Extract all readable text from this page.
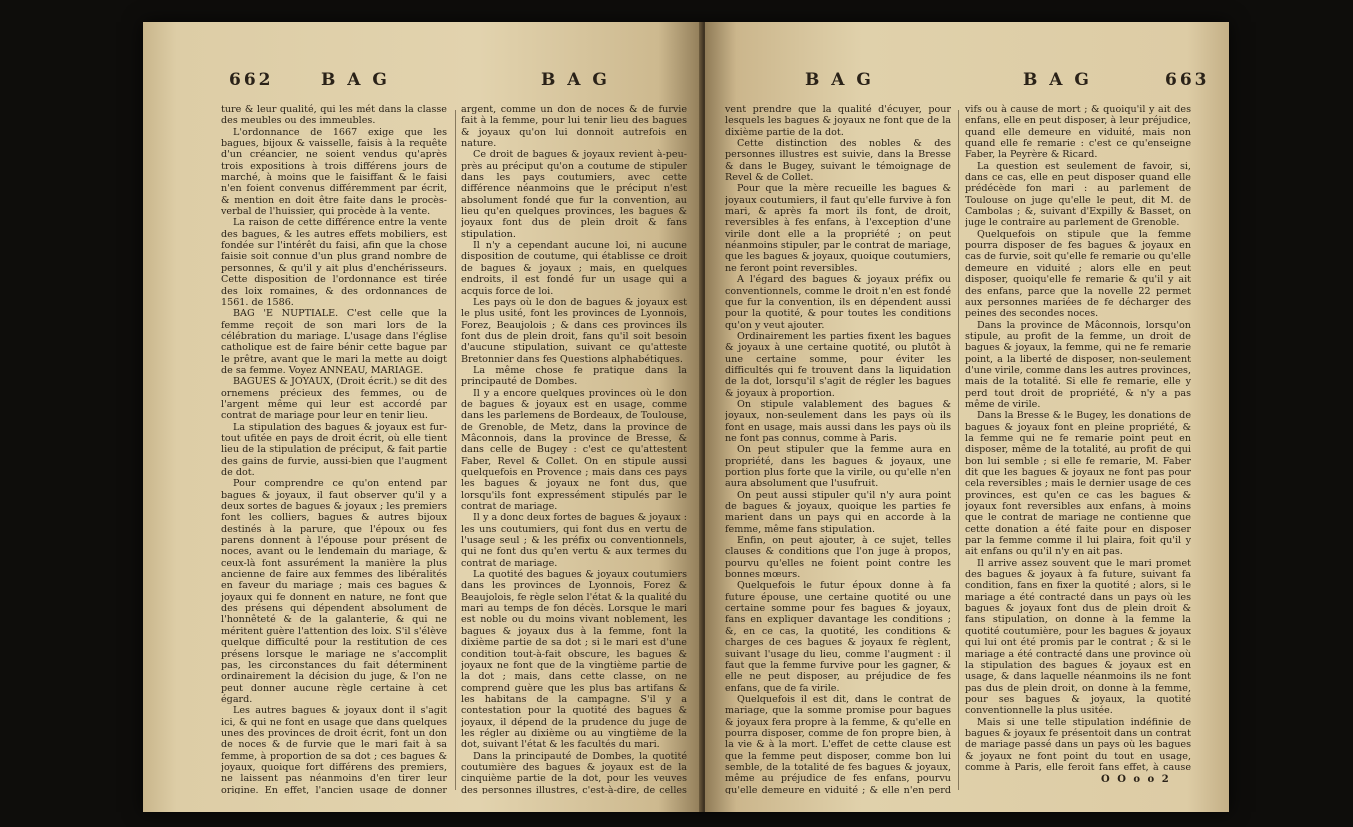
662	B A G	B A G

ture & leur qualité, qui les mét dans la classe des meubles ou des immeubles.

L'ordonnance de 1667 exige que les bagues, bijoux & vaisselle, faisis à la requête d'un créancier, ne soient vendus qu'après trois expositions à trois différens jours de marché, à moins que le faisiffant & le faisi n'en foient convenus différemment par écrit, & mention en doit être faite dans le procès-verbal de l'huissier, qui procède à la vente.

La raison de cette différence entre la vente des bagues, & les autres effets mobiliers, est fondée sur l'intérêt du faisi, afin que la chose faisie soit connue d'un plus grand nombre de personnes, & qu'il y ait plus d'enchérisseurs. Cette disposition de l'ordonnance est tirée des loix romaines, & des ordonnances de 1561. de 1586.

BAG 'E NUPTIALE. C'est celle que la femme reçoit de son mari lors de la célébration du mariage. L'usage dans l'église catholique est de faire bénir cette bague par le prêtre, avant que le mari la mette au doigt de sa femme. Voyez ANNEAU, MARIAGE.

BAGUES & JOYAUX, (Droit écrit.) se dit des ornemens précieux des femmes, ou de l'argent même qui leur est accordé par contrat de mariage pour leur en tenir lieu.

La stipulation des bagues & joyaux est fur-tout ufitée en pays de droit écrit, où elle tient lieu de la stipulation de préciput, & fait partie des gains de furvie, aussi-bien que l'augment de dot.

Pour comprendre ce qu'on entend par bagues & joyaux, il faut observer qu'il y a deux sortes de bagues & joyaux ; les premiers font les colliers, bagues & autres bijoux destinés à la parure, que l'époux ou fes parens donnent à l'épouse pour présent de noces, avant ou le lendemain du mariage, & ceux-là font assurément la manière la plus ancienne de faire aux femmes des libéralités en faveur du mariage ; mais ces bagues & joyaux qui fe donnent en nature, ne font que des présens qui dépendent absolument de l'honnêteté & de la galanterie, & qui ne méritent guère l'attention des loix. S'il s'élève quelque difficulté pour la restitution de ces présens lorsque le mariage ne s'accomplit pas, les circonstances du fait déterminent ordinairement la décision du juge, & l'on ne peut donner aucune règle certaine à cet égard.

Les autres bagues & joyaux dont il s'agit ici, & qui ne font en usage que dans quelques unes des provinces de droit écrit, font un don de noces & de furvie que le mari fait à sa femme, à proportion de sa dot ; ces bagues & joyaux, quoique fort différens des premiers, ne laissent pas néanmoins d'en tirer leur origine. En effet, l'ancien usage de donner

argent, comme un don de noces & de furvie fait à la femme, pour lui tenir lieu des bagues & joyaux qu'on lui donnoit autrefois en nature.

Ce droit de bagues & joyaux revient à-peu-près au préciput qu'on a coutume de stipuler dans les pays coutumiers, avec cette différence néanmoins que le préciput n'est absolument fondé que fur la convention, au lieu qu'en quelques provinces, les bagues & joyaux font dus de plein droit & fans stipulation.

Il n'y a cependant aucune loi, ni aucune disposition de coutume, qui établisse ce droit de bagues & joyaux ; mais, en quelques endroits, il est fondé fur un usage qui a acquis force de loi.

Les pays où le don de bagues & joyaux est le plus usité, font les provinces de Lyonnois, Forez, Beaujolois ; & dans ces provinces ils font dus de plein droit, fans qu'il soit besoin d'aucune stipulation, suivant ce qu'atteste Bretonnier dans fes Questions alphabétiques.

La même chose fe pratique dans la principauté de Dombes.

Il y a encore quelques provinces où le don de bagues & joyaux est en usage, comme dans les parlemens de Bordeaux, de Toulouse, de Grenoble, de Metz, dans la province de Mâconnois, dans la province de Bresse, & dans celle de Bugey : c'est ce qu'attestent Faber, Revel & Collet. On en stipule aussi quelquefois en Provence ; mais dans ces pays les bagues & joyaux ne font dus, que lorsqu'ils font expressément stipulés par le contrat de mariage.

Il y a donc deux fortes de bagues & joyaux : les uns coutumiers, qui font dus en vertu de l'usage seul ; & les préfix ou conventionnels, qui ne font dus qu'en vertu & aux termes du contrat de mariage.

La quotité des bagues & joyaux coutumiers dans les provinces de Lyonnois, Forez & Beaujolois, fe règle selon l'état & la qualité du mari au temps de fon décès. Lorsque le mari est noble ou du moins vivant noblement, les bagues & joyaux dus à la femme, font la dixième partie de sa dot ; si le mari est d'une condition tout-à-fait obscure, les bagues & joyaux ne font que de la vingtième partie de la dot ; mais, dans cette classe, on ne comprend guère que les plus bas artifans & les habitans de la campagne. S'il y a contestation pour la quotité des bagues & joyaux, il dépend de la prudence du juge de les régler au dixième ou au vingtième de la dot, suivant l'état & les facultés du mari.

Dans la principauté de Dombes, la quotité coutumière des bagues & joyaux est de la cinquième partie de la dot, pour les veuves des personnes illustres, c'est-à-dire, de celles

B A G	B A G	663

vent prendre que la qualité d'écuyer, pour lesquels les bagues & joyaux ne font que de la dixième partie de la dot.

Cette distinction des nobles & des personnes illustres est suivie, dans la Bresse & dans le Bugey, suivant le témoignage de Revel & de Collet.

Pour que la mère recueille les bagues & joyaux coutumiers, il faut qu'elle furvive à fon mari, & après fa mort ils font, de droit, reversibles à fes enfans, à l'exception d'une virile dont elle a la propriété ; on peut néanmoins stipuler, par le contrat de mariage, que les bagues & joyaux, quoique coutumiers, ne feront point reversibles.

A l'égard des bagues & joyaux préfix ou conventionnels, comme le droit n'en est fondé que fur la convention, ils en dépendent aussi pour la quotité, & pour toutes les conditions qu'on y veut ajouter.

Ordinairement les parties fixent les bagues & joyaux à une certaine quotité, ou plutôt à une certaine somme, pour éviter les difficultés qui fe trouvent dans la liquidation de la dot, lorsqu'il s'agit de régler les bagues & joyaux à proportion.

On stipule valablement des bagues & joyaux, non-seulement dans les pays où ils font en usage, mais aussi dans les pays où ils ne font pas connus, comme à Paris.

On peut stipuler que la femme aura en propriété, dans les bagues & joyaux, une portion plus forte que la virile, ou qu'elle n'en aura absolument que l'usufruit.

On peut aussi stipuler qu'il n'y aura point de bagues & joyaux, quoique les parties fe marient dans un pays qui en accorde à la femme, même fans stipulation.

Enfin, on peut ajouter, à ce sujet, telles clauses & conditions que l'on juge à propos, pourvu qu'elles ne foient point contre les bonnes mœurs.

Quelquefois le futur époux donne à fa future épouse, une certaine quotité ou une certaine somme pour fes bagues & joyaux, fans en expliquer davantage les conditions ; &, en ce cas, la quotité, les conditions & charges de ces bagues & joyaux fe règlent, suivant l'usage du lieu, comme l'augment : il faut que la femme furvive pour les gagner, & elle ne peut disposer, au préjudice de fes enfans, que de fa virile.

Quelquefois il est dit, dans le contrat de mariage, que la somme promise pour bagues & joyaux fera propre à la femme, & qu'elle en pourra disposer, comme de fon propre bien, à la vie & à la mort. L'effet de cette clause est que la femme peut disposer, comme bon lui semble, de la totalité de fes bagues & joyaux, même au préjudice de fes enfans, pourvu qu'elle demeure en viduité ; & elle n'en perd

vifs ou à cause de mort ; & quoiqu'il y ait des enfans, elle en peut disposer, à leur préjudice, quand elle demeure en viduité, mais non quand elle fe remarie : c'est ce qu'enseigne Faber, la Peyrère & Ricard.

La question est seulement de favoir, si, dans ce cas, elle en peut disposer quand elle prédécède fon mari : au parlement de Toulouse on juge qu'elle le peut, dit M. de Cambolas ; &, suivant d'Expilly & Basset, on juge le contraire au parlement de Grenoble.

Quelquefois on stipule que la femme pourra disposer de fes bagues & joyaux en cas de furvie, soit qu'elle fe remarie ou qu'elle demeure en viduité ; alors elle en peut disposer, quoiqu'elle fe remarie & qu'il y ait des enfans, parce que la novelle 22 permet aux personnes mariées de fe décharger des peines des secondes noces.

Dans la province de Mâconnois, lorsqu'on stipule, au profit de la femme, un droit de bagues & joyaux, la femme, qui ne fe remarie point, a la liberté de disposer, non-seulement d'une virile, comme dans les autres provinces, mais de la totalité. Si elle fe remarie, elle y perd tout droit de propriété, & n'y a pas même de virile.

Dans la Bresse & le Bugey, les donations de bagues & joyaux font en pleine propriété, & la femme qui ne fe remarie point peut en disposer, même de la totalité, au profit de qui bon lui semble ; si elle fe remarie, M. Faber dit que les bagues & joyaux ne font pas pour cela reversibles ; mais le dernier usage de ces provinces, est qu'en ce cas les bagues & joyaux font reversibles aux enfans, à moins que le contrat de mariage ne contienne que cette donation a été faite pour en disposer par la femme comme il lui plaira, foit qu'il y ait enfans ou qu'il n'y en ait pas.

Il arrive assez souvent que le mari promet des bagues & joyaux à fa future, suivant fa condition, fans en fixer la quotité ; alors, si le mariage a été contracté dans un pays où les bagues & joyaux font dus de plein droit & fans stipulation, on donne à la femme la quotité coutumière, pour les bagues & joyaux qui lui ont été promis par le contrat ; & si le mariage a été contracté dans une province où la stipulation des bagues & joyaux est en usage, & dans laquelle néanmoins ils ne font pas dus de plein droit, on donne à la femme, pour ses bagues & joyaux, la quotité conventionnelle la plus usitée.

Mais si une telle stipulation indéfinie de bagues & joyaux fe présentoit dans un contrat de mariage passé dans un pays où les bagues & joyaux ne font point du tout en usage, comme à Paris, elle feroit fans effet, à cause

O O o o 2
